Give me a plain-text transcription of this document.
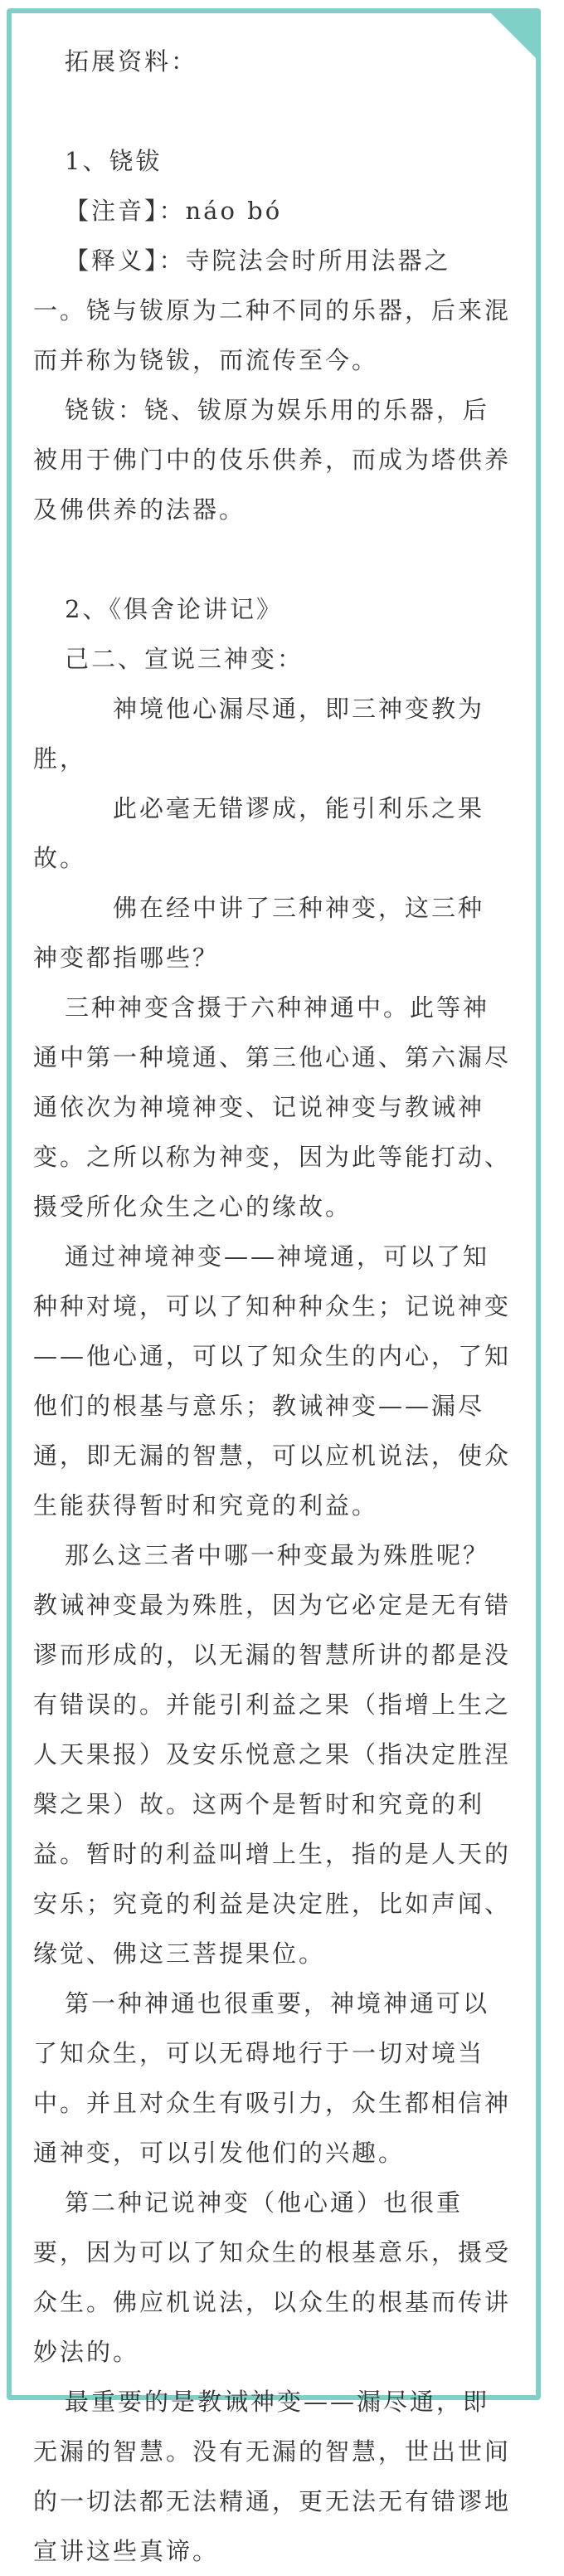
拓展资料：
1、铙钹
【注音】：náo bó
【释义】：寺院法会时所用法器之
一。铙与钹原为二种不同的乐器，后来混
而并称为铙钹，而流传至今。
铙钹：铙、钹原为娱乐用的乐器，后
被用于佛门中的伎乐供养，而成为塔供养
及佛供养的法器。
2、《俱舍论讲记》
己二、宣说三神变：
神境他心漏尽通，即三神变教为
胜，
此必毫无错谬成，能引利乐之果
故。
佛在经中讲了三种神变，这三种
神变都指哪些？
三种神变含摄于六种神通中。此等神
通中第一种境通、第三他心通、第六漏尽
通依次为神境神变、记说神变与教诫神
变。之所以称为神变，因为此等能打动、
摄受所化众生之心的缘故。
通过神境神变——神境通，可以了知
种种对境，可以了知种种众生；记说神变
——他心通，可以了知众生的内心，了知
他们的根基与意乐；教诫神变——漏尽
通，即无漏的智慧，可以应机说法，使众
生能获得暂时和究竟的利益。
那么这三者中哪一种变最为殊胜呢？
教诫神变最为殊胜，因为它必定是无有错
谬而形成的，以无漏的智慧所讲的都是没
有错误的。并能引利益之果（指增上生之
人天果报）及安乐悦意之果（指决定胜涅
槃之果）故。这两个是暂时和究竟的利
益。暂时的利益叫增上生，指的是人天的
安乐；究竟的利益是决定胜，比如声闻、
缘觉、佛这三菩提果位。
第一种神通也很重要，神境神通可以
了知众生，可以无碍地行于一切对境当
中。并且对众生有吸引力，众生都相信神
通神变，可以引发他们的兴趣。
第二种记说神变（他心通）也很重
要，因为可以了知众生的根基意乐，摄受
众生。佛应机说法，以众生的根基而传讲
妙法的。
最重要的是教诫神变——漏尽通，即
无漏的智慧。没有无漏的智慧，世出世间
的一切法都无法精通，更无法无有错谬地
宣讲这些真谛。
